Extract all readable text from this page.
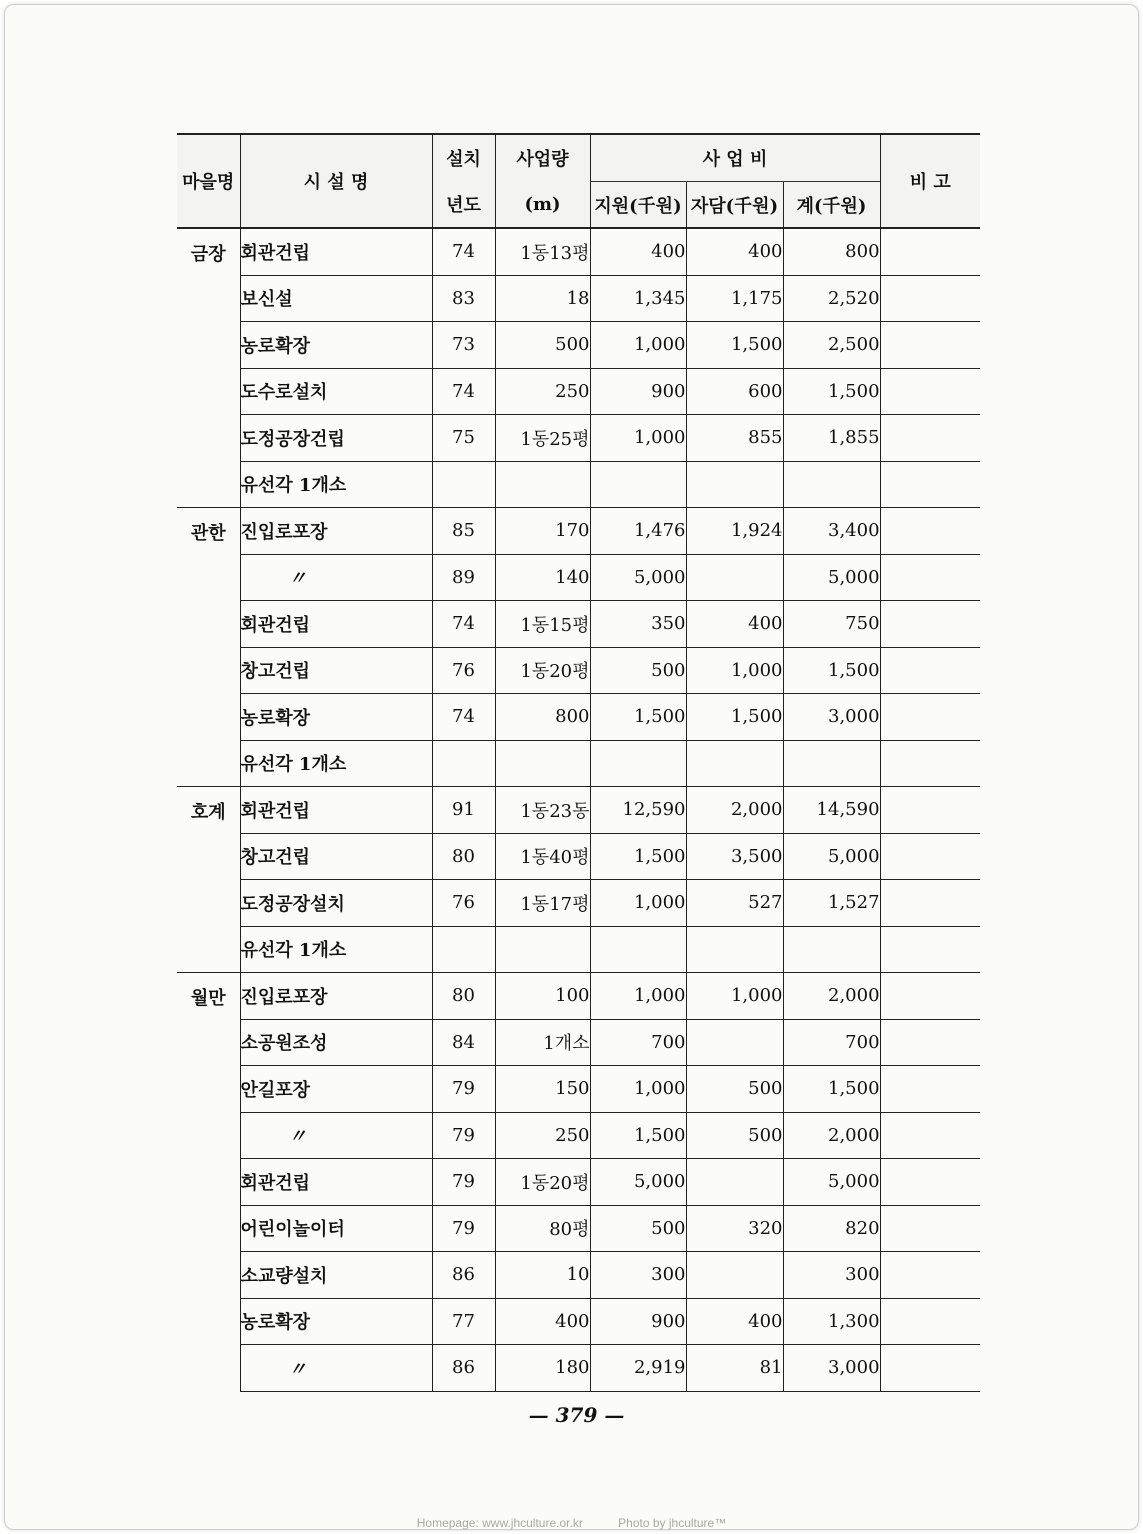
마을명	시 설 명	설치	사업량	사 업 비			비 고
		년도	(m)	지원(千원)	자담(千원)	계(千원)	
금장	회관건립	74	1동13평	400	400	800	
	보신설	83	18	1,345	1,175	2,520	
	농로확장	73	500	1,000	1,500	2,500	
	도수로설치	74	250	900	600	1,500	
	도정공장건립	75	1동25평	1,000	855	1,855	
	유선각 1개소						
관한	진입로포장	85	170	1,476	1,924	3,400	
	〃	89	140	5,000		5,000	
	회관건립	74	1동15평	350	400	750	
	창고건립	76	1동20평	500	1,000	1,500	
	농로확장	74	800	1,500	1,500	3,000	
	유선각 1개소						
호계	회관건립	91	1동23동	12,590	2,000	14,590	
	창고건립	80	1동40평	1,500	3,500	5,000	
	도정공장설치	76	1동17평	1,000	527	1,527	
	유선각 1개소						
월만	진입로포장	80	100	1,000	1,000	2,000	
	소공원조성	84	1개소	700		700	
	안길포장	79	150	1,000	500	1,500	
	〃	79	250	1,500	500	2,000	
	회관건립	79	1동20평	5,000		5,000	
	어린이놀이터	79	80평	500	320	820	
	소교량설치	86	10	300		300	
	농로확장	77	400	900	400	1,300	
	〃	86	180	2,919	81	3,000	
— 379 —
Homepage: www.jhculture.or.kr	Photo by jhculture™
